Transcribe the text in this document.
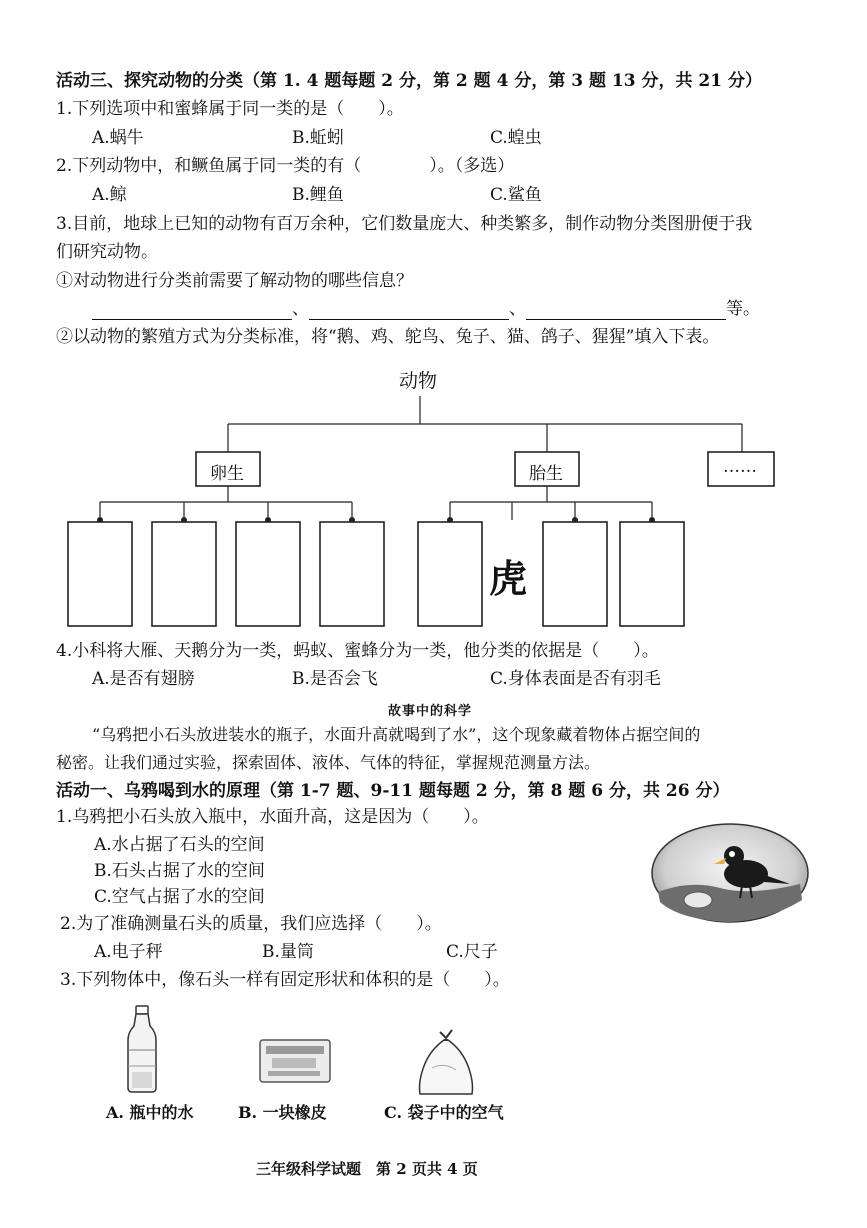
活动三、探究动物的分类（第 1. 4 题每题 2 分，第 2 题 4 分，第 3 题 13 分，共 21 分）
1.下列选项中和蜜蜂属于同一类的是（　　）。
A.蜗牛	B.蚯蚓	C.蝗虫
2.下列动物中，和鳜鱼属于同一类的有（　　　　）。（多选）
A.鲸	B.鲤鱼	C.鲨鱼
3.目前，地球上已知的动物有百万余种，它们数量庞大、种类繁多，制作动物分类图册便于我
们研究动物。
①对动物进行分类前需要了解动物的哪些信息？
、	、	等。
②以动物的繁殖方式为分类标准，将“鹅、鸡、鸵鸟、兔子、猫、鸽子、猩猩”填入下表。
动物
卵生	胎生	……
虎
4.小科将大雁、天鹅分为一类，蚂蚁、蜜蜂分为一类，他分类的依据是（　　）。
A.是否有翅膀	B.是否会飞	C.身体表面是否有羽毛
故事中的科学
“乌鸦把小石头放进装水的瓶子，水面升高就喝到了水”，这个现象藏着物体占据空间的
秘密。让我们通过实验，探索固体、液体、气体的特征，掌握规范测量方法。
活动一、乌鸦喝到水的原理（第 1-7 题、9-11 题每题 2 分，第 8 题 6 分，共 26 分）
1.乌鸦把小石头放入瓶中，水面升高，这是因为（　　）。
A.水占据了石头的空间
B.石头占据了水的空间
C.空气占据了水的空间
2.为了准确测量石头的质量，我们应选择（　　）。
A.电子秤	B.量筒	C.尺子
3.下列物体中，像石头一样有固定形状和体积的是（　　）。
A. 瓶中的水	B. 一块橡皮	C. 袋子中的空气
三年级科学试题　第 2 页共 4 页
